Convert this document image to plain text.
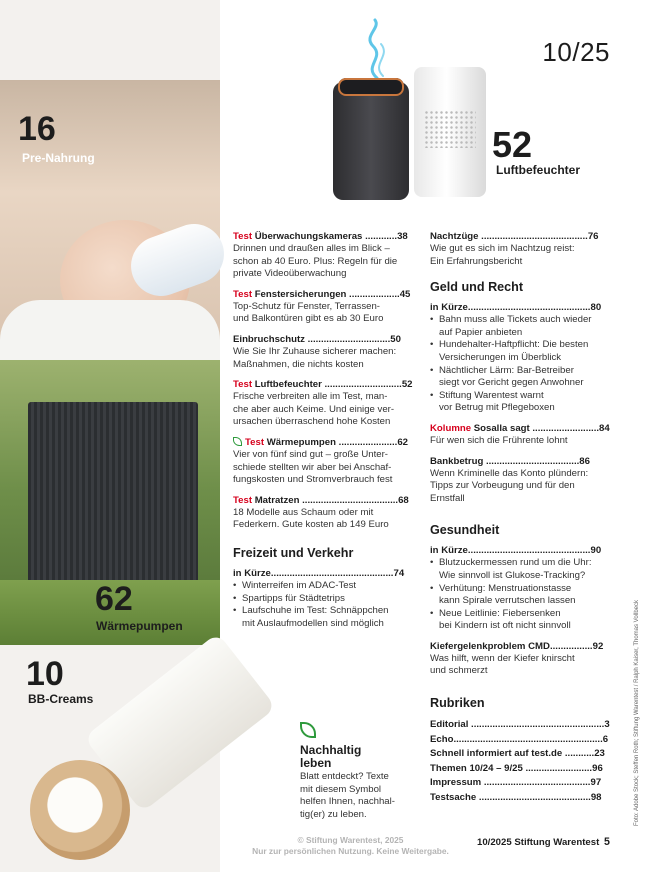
16
Pre-Nahrung
62
Wärmepumpen
10
BB-Creams
10/25
52
Luftbefeuchter
Test Überwachungskameras ............38
Drinnen und draußen alles im Blick –
schon ab 40 Euro. Plus: Regeln für die
private Videoüberwachung
Test Fenstersicherungen ...................45
Top-Schutz für Fenster, Terrassen-
und Balkontüren gibt es ab 30 Euro
Einbruchschutz ...............................50
Wie Sie Ihr Zuhause sicherer machen:
Maßnahmen, die nichts kosten
Test Luftbefeuchter .............................52
Frische verbreiten alle im Test, man-
che aber auch Keime. Und einige ver-
ursachen überraschend hohe Kosten
Test Wärmepumpen ......................62
Vier von fünf sind gut – große Unter-
schiede stellten wir aber bei Anschaf-
fungskosten und Stromverbrauch fest
Test Matratzen ....................................68
18 Modelle aus Schaum oder mit
Federkern. Gute kosten ab 149 Euro
Freizeit und Verkehr
in Kürze..............................................74
• Winterreifen im ADAC-Test
• Spartipps für Städtetrips
• Laufschuhe im Test: Schnäppchen
mit Auslaufmodellen sind möglich
Nachtzüge ........................................76
Wie gut es sich im Nachtzug reist:
Ein Erfahrungsbericht
Geld und Recht
in Kürze..............................................80
• Bahn muss alle Tickets auch wieder
auf Papier anbieten
• Hundehalter-Haftpflicht: Die besten
Versicherungen im Überblick
• Nächtlicher Lärm: Bar-Betreiber
siegt vor Gericht gegen Anwohner
• Stiftung Warentest warnt
vor Betrug mit Pflegeboxen
Kolumne Sosalla sagt .........................84
Für wen sich die Frührente lohnt
Bankbetrug ...................................86
Wenn Kriminelle das Konto plündern:
Tipps zur Vorbeugung und für den
Ernstfall
Gesundheit
in Kürze..............................................90
• Blutzuckermessen rund um die Uhr:
Wie sinnvoll ist Glukose-Tracking?
• Verhütung: Menstruationstasse
kann Spirale verrutschen lassen
• Neue Leitlinie: Fiebersenken
bei Kindern ist oft nicht sinnvoll
Kiefergelenkproblem CMD................92
Was hilft, wenn der Kiefer knirscht
und schmerzt
Rubriken
Editorial ..................................................3
Echo........................................................6
Schnell informiert auf test.de ...........23
Themen 10/24 – 9/25 .........................96
Impressum ........................................97
Testsache ..........................................98
Nachhaltig
leben
Blatt entdeckt? Texte
mit diesem Symbol
helfen Ihnen, nachhal-
tig(er) zu leben.
© Stiftung Warentest, 2025
Nur zur persönlichen Nutzung. Keine Weitergabe.
10/2025 Stiftung Warentest 5
Foto: Adobe Stock; Steffen Roth; Stiftung Warentest / Ralph Kaiser, Thomas Vollbeck
